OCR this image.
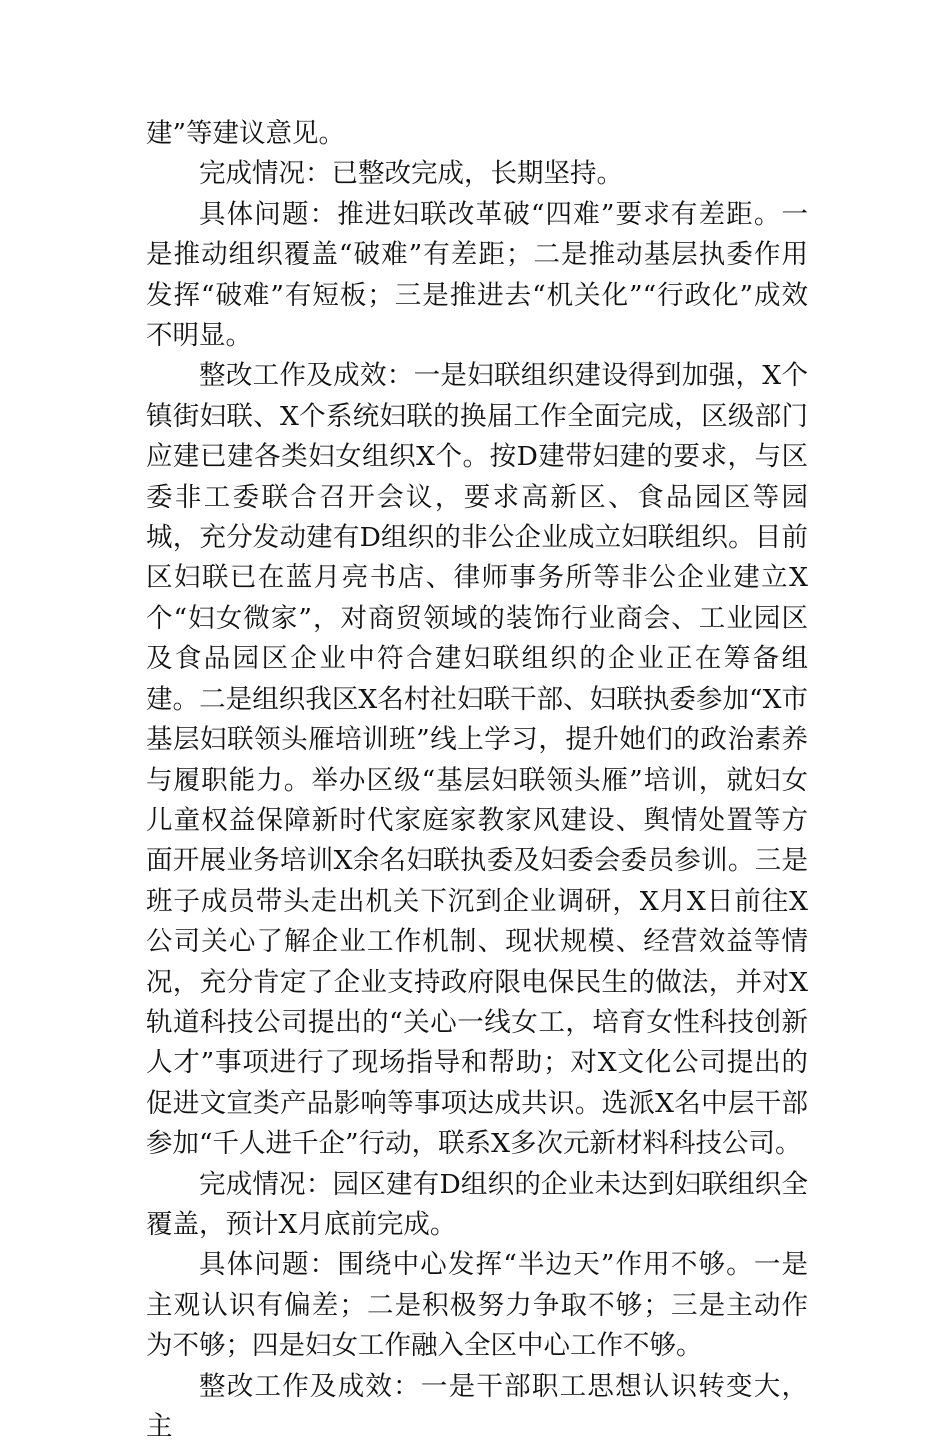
建”等建议意见。

完成情况：已整改完成，长期坚持。

具体问题：推进妇联改革破“四难”要求有差距。一是推动组织覆盖“破难”有差距；二是推动基层执委作用发挥“破难”有短板；三是推进去“机关化”“行政化”成效不明显。

整改工作及成效：一是妇联组织建设得到加强，X个镇街妇联、X个系统妇联的换届工作全面完成，区级部门应建已建各类妇女组织X个。按D建带妇建的要求，与区委非工委联合召开会议，要求高新区、食品园区等园城，充分发动建有D组织的非公企业成立妇联组织。目前区妇联已在蓝月亮书店、律师事务所等非公企业建立X个“妇女微家”，对商贸领域的装饰行业商会、工业园区及食品园区企业中符合建妇联组织的企业正在筹备组建。二是组织我区X名村社妇联干部、妇联执委参加“X市基层妇联领头雁培训班”线上学习，提升她们的政治素养与履职能力。举办区级“基层妇联领头雁”培训，就妇女儿童权益保障新时代家庭家教家风建设、舆情处置等方面开展业务培训X余名妇联执委及妇委会委员参训。三是班子成员带头走出机关下沉到企业调研，X月X日前往X公司关心了解企业工作机制、现状规模、经营效益等情况，充分肯定了企业支持政府限电保民生的做法，并对X轨道科技公司提出的“关心一线女工，培育女性科技创新人才”事项进行了现场指导和帮助；对X文化公司提出的促进文宣类产品影响等事项达成共识。选派X名中层干部参加“千人进千企”行动，联系X多次元新材料科技公司。

完成情况：园区建有D组织的企业未达到妇联组织全覆盖，预计X月底前完成。

具体问题：围绕中心发挥“半边天”作用不够。一是主观认识有偏差；二是积极努力争取不够；三是主动作为不够；四是妇女工作融入全区中心工作不够。

整改工作及成效：一是干部职工思想认识转变大，主
